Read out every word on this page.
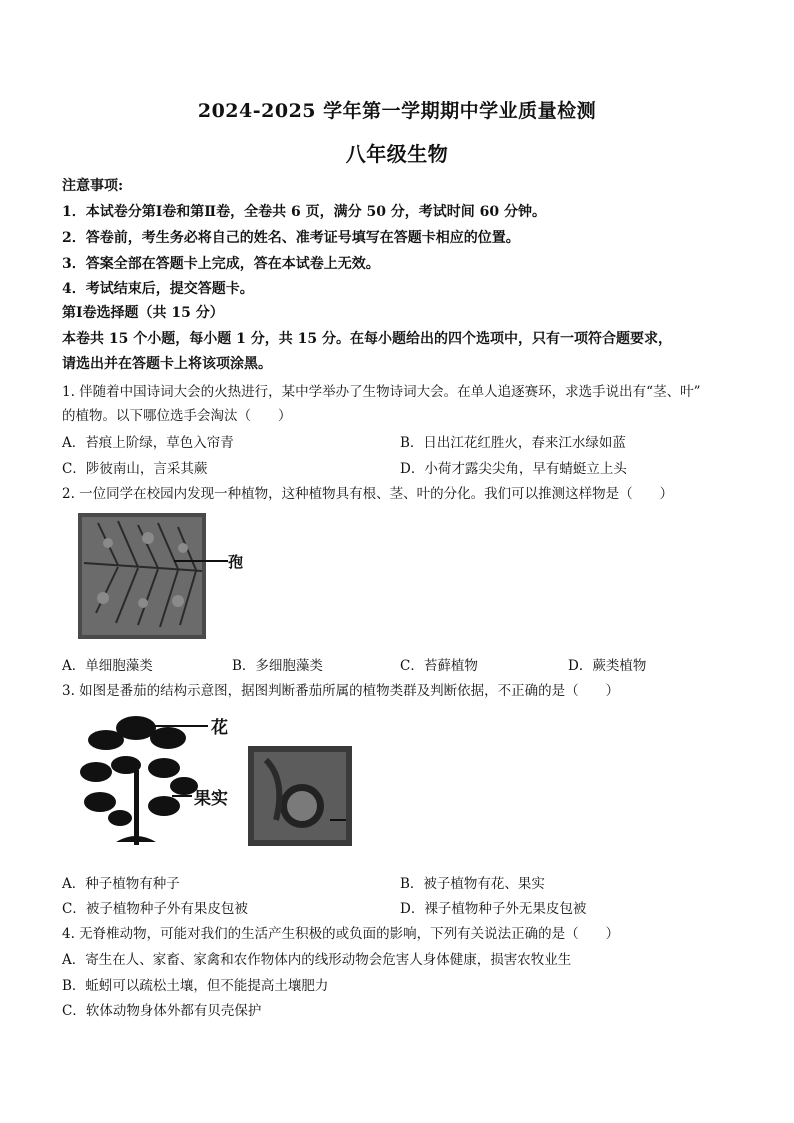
2024-2025 学年第一学期期中学业质量检测
八年级生物
注意事项:
1．本试卷分第Ⅰ卷和第Ⅱ卷，全卷共 6 页，满分 50 分，考试时间 60 分钟。
2．答卷前，考生务必将自己的姓名、准考证号填写在答题卡相应的位置。
3．答案全部在答题卡上完成，答在本试卷上无效。
4．考试结束后，提交答题卡。
第Ⅰ卷选择题（共 15 分）
本卷共 15 个小题，每小题 1 分，共 15 分。在每小题给出的四个选项中，只有一项符合题要求，
请选出并在答题卡上将该项涂黑。
1. 伴随着中国诗词大会的火热进行，某中学举办了生物诗词大会。在单人追逐赛环，求选手说出有“茎、叶”
的植物。以下哪位选手会淘汰（　　）
A．苔痕上阶绿，草色入帘青	B．日出江花红胜火，春来江水绿如蓝
C．陟彼南山，言采其蕨	D．小荷才露尖尖角，早有蜻蜓立上头
2. 一位同学在校园内发现一种植物，这种植物具有根、茎、叶的分化。我们可以推测这样物是（　　）
孢
A．单细胞藻类	B．多细胞藻类	C．苔藓植物	D．蕨类植物
3. 如图是番茄的结构示意图，据图判断番茄所属的植物类群及判断依据，不正确的是（　　）
花
果实
A．种子植物有种子	B．被子植物有花、果实
C．被子植物种子外有果皮包被	D．裸子植物种子外无果皮包被
4. 无脊椎动物，可能对我们的生活产生积极的或负面的影响，下列有关说法正确的是（　　）
A．寄生在人、家畜、家禽和农作物体内的线形动物会危害人身体健康，损害农牧业生
B．蚯蚓可以疏松土壤，但不能提高土壤肥力
C．软体动物身体外都有贝壳保护
